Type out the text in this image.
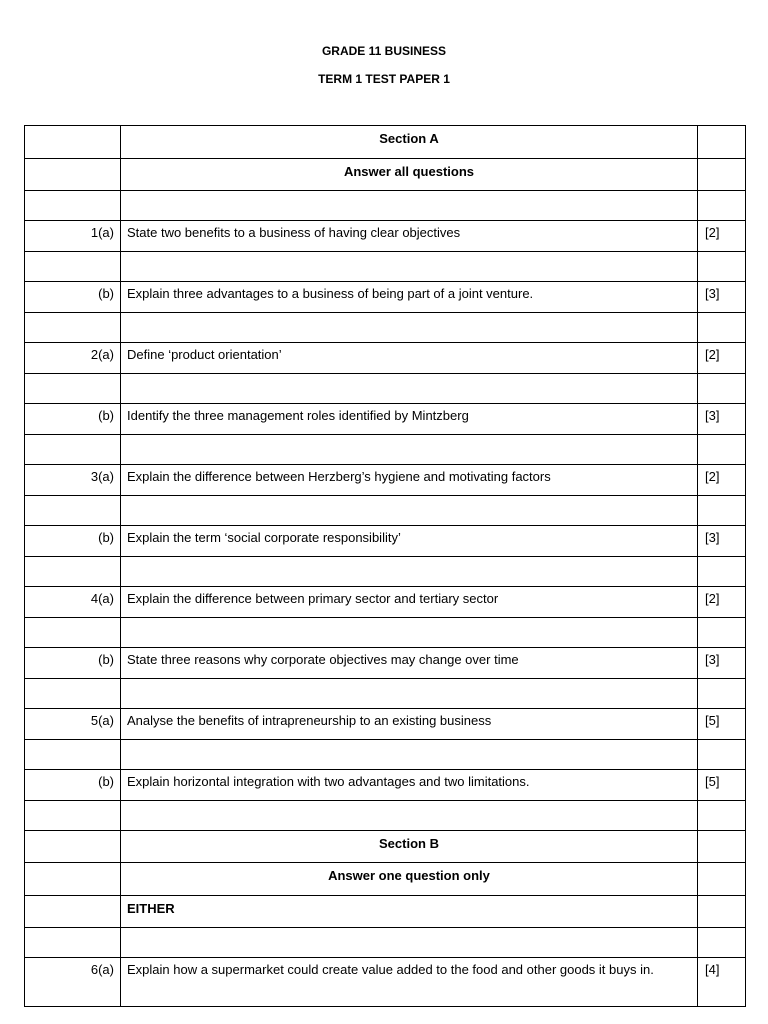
GRADE 11 BUSINESS
TERM 1 TEST PAPER 1
	Section A	
	Answer all questions	

1(a)	State two benefits to a business of having clear objectives	[2]

(b)	Explain three advantages to a business of being part of a joint venture.	[3]

2(a)	Define ‘product orientation’	[2]

(b)	Identify the three management roles identified by Mintzberg	[3]

3(a)	Explain the difference between Herzberg’s hygiene and motivating factors	[2]

(b)	Explain the term ‘social corporate responsibility’	[3]

4(a)	Explain the difference between primary sector and tertiary sector	[2]

(b)	State three reasons why corporate objectives may change over time	[3]

5(a)	Analyse the benefits of intrapreneurship to an existing business	[5]

(b)	Explain horizontal integration with two advantages and two limitations.	[5]

	Section B	
	Answer one question only	
	EITHER	

6(a)	Explain how a supermarket could create value added to the food and other goods it buys in.	[4]
